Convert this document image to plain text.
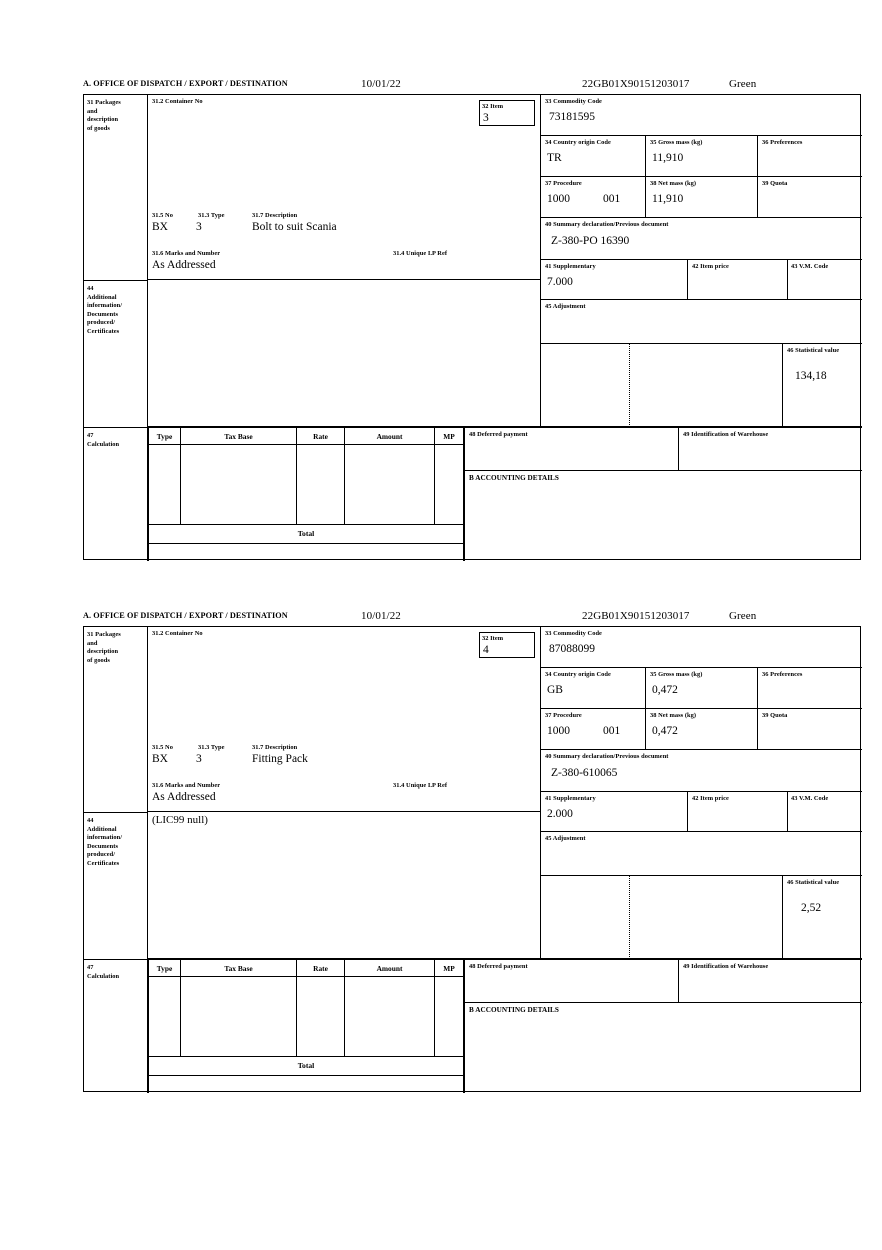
A. OFFICE OF DISPATCH / EXPORT / DESTINATION	10/01/22	22GB01X90151203017	Green
31 Packages
and
description
of goods
31.2 Container No
31.5 No	31.3 Type	31.7 Description
BX 3	Bolt to suit Scania
31.6 Marks and Number	31.4 Unique I.P Ref
As Addressed
32 Item
3
33 Commodity Code
73181595
34 Country origin Code
TR
35 Gross mass (kg)
11,910
36 Preferences
37 Procedure
1000	001
38 Net mass (kg)
11,910
39 Quota
40 Summary declaration/Previous document
Z-380-PO 16390
41 Supplementary
7.000
42 Item price	43 V.M. Code
44
Additional
information/
Documents
produced/
Certificates
45 Adjustment
46 Statistical value
134,18
47
Calculation
Type	Tax Base	Rate	Amount	MP
Total
48 Deferred payment	49 Identification of Warehouse
B ACCOUNTING DETAILS
A. OFFICE OF DISPATCH / EXPORT / DESTINATION	10/01/22	22GB01X90151203017	Green
31 Packages
and
description
of goods
31.2 Container No
31.5 No	31.3 Type	31.7 Description
BX 3	Fitting Pack
31.6 Marks and Number	31.4 Unique I.P Ref
As Addressed
32 Item
4
33 Commodity Code
87088099
34 Country origin Code
GB
35 Gross mass (kg)
0,472
36 Preferences
37 Procedure
1000	001
38 Net mass (kg)
0,472
39 Quota
40 Summary declaration/Previous document
Z-380-610065
41 Supplementary
2.000
42 Item price	43 V.M. Code
44
Additional
information/
Documents
produced/
Certificates
(LIC99 null)
45 Adjustment
46 Statistical value
2,52
47
Calculation
Type	Tax Base	Rate	Amount	MP
Total
48 Deferred payment	49 Identification of Warehouse
B ACCOUNTING DETAILS
